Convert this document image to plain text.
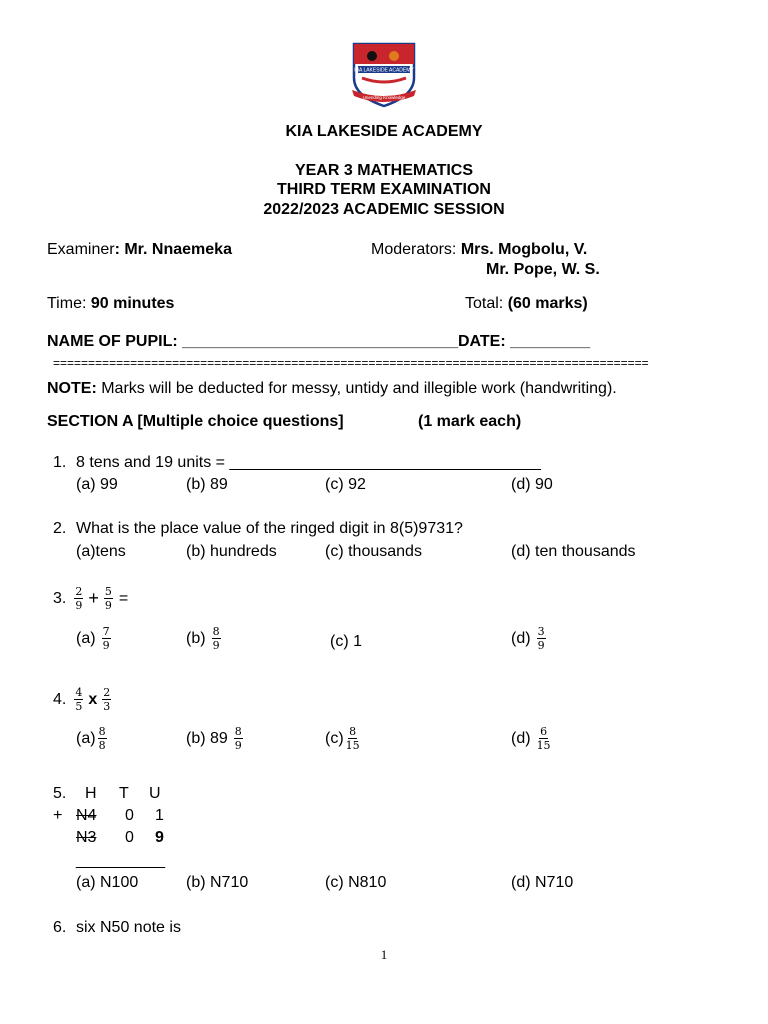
KIA LAKESIDE ACADEMY
Unending Knowledge
KIA LAKESIDE ACADEMY
YEAR 3 MATHEMATICS
THIRD TERM EXAMINATION
2022/2023 ACADEMIC SESSION
Examiner: Mr. Nnaemeka	Moderators: Mrs. Mogbolu, V.
Mr. Pope, W. S.
Time: 90 minutes	Total: (60 marks)
NAME OF PUPIL: _______________________________DATE: _________
=====================================================================================
NOTE: Marks will be deducted for messy, untidy and illegible work (handwriting).
SECTION A [Multiple choice questions]	(1 mark each)
1. 8 tens and 19 units = ___________________________________
(a) 99	(b) 89	(c) 92	(d) 90
2. What is the place value of the ringed digit in 8(5)9731?
(a)tens	(b) hundreds	(c) thousands	(d) ten thousands
3. $\frac{2}{9} + \frac{5}{9}$ =
$(a) \frac{7}{9}$	$(b) \frac{8}{9}$	(c) 1	$(d) \frac{3}{9}$
4. $\frac{4}{5}$ x $\frac{2}{3}$
$(a) \frac{8}{8}$	(b) $89 \frac{8}{9}$	$(c) \frac{8}{15}$	$(d) \frac{6}{15}$
5. H T U
+ N4 0 1
N3 0 9
__________
(a) N100	(b) N710	(c) N810	(d) N710
6. six N50 note is
1
